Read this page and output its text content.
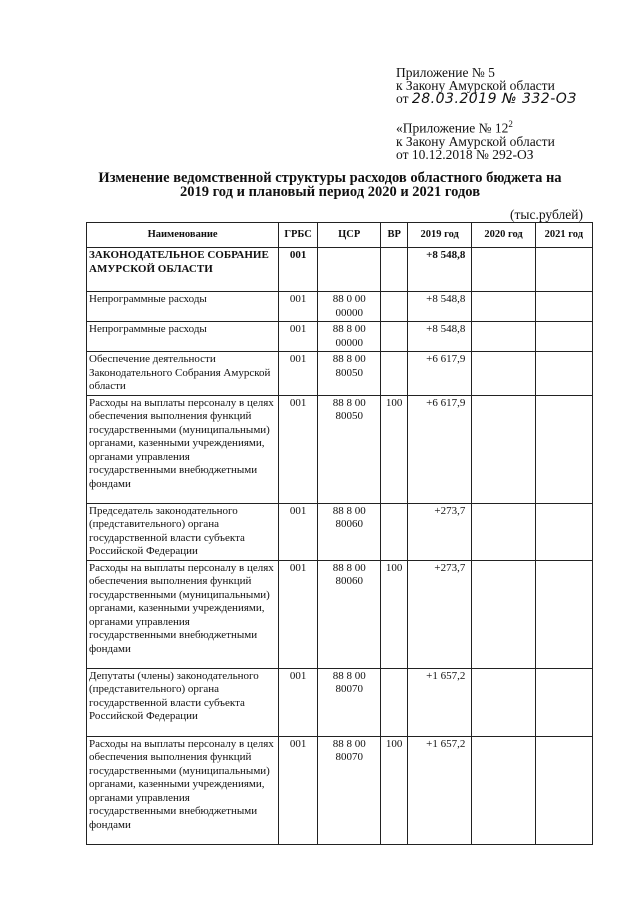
Приложение № 5
к Закону Амурской области
от 28.03.2019 № 332-ОЗ
«Приложение № $12^2$
к Закону Амурской области
от 10.12.2018 № 292-ОЗ
Изменение ведомственной структуры расходов областного бюджета на
2019 год и плановый период 2020 и 2021 годов
(тыс.рублей)
Наименование	ГРБС	ЦСР	ВР	2019 год	2020 год	2021 год
ЗАКОНОДАТЕЛЬНОЕ СОБРАНИЕ АМУРСКОЙ ОБЛАСТИ	001			+8 548,8		
Непрограммные расходы	001	88 0 00 00000		+8 548,8		
Непрограммные расходы	001	88 8 00 00000		+8 548,8		
Обеспечение деятельности Законодательного Собрания Амурской области	001	88 8 00 80050		+6 617,9		
Расходы на выплаты персоналу в целях обеспечения выполнения функций государственными (муниципальными) органами, казенными учреждениями, органами управления государственными внебюджетными фондами	001	88 8 00 80050	100	+6 617,9		
Председатель законодательного (представительного) органа государственной власти субъекта Российской Федерации	001	88 8 00 80060		+273,7		
Расходы на выплаты персоналу в целях обеспечения выполнения функций государственными (муниципальными) органами, казенными учреждениями, органами управления государственными внебюджетными фондами	001	88 8 00 80060	100	+273,7		
Депутаты (члены) законодательного (представительного) органа государственной власти субъекта Российской Федерации	001	88 8 00 80070		+1 657,2		
Расходы на выплаты персоналу в целях обеспечения выполнения функций государственными (муниципальными) органами, казенными учреждениями, органами управления государственными внебюджетными фондами	001	88 8 00 80070	100	+1 657,2		
